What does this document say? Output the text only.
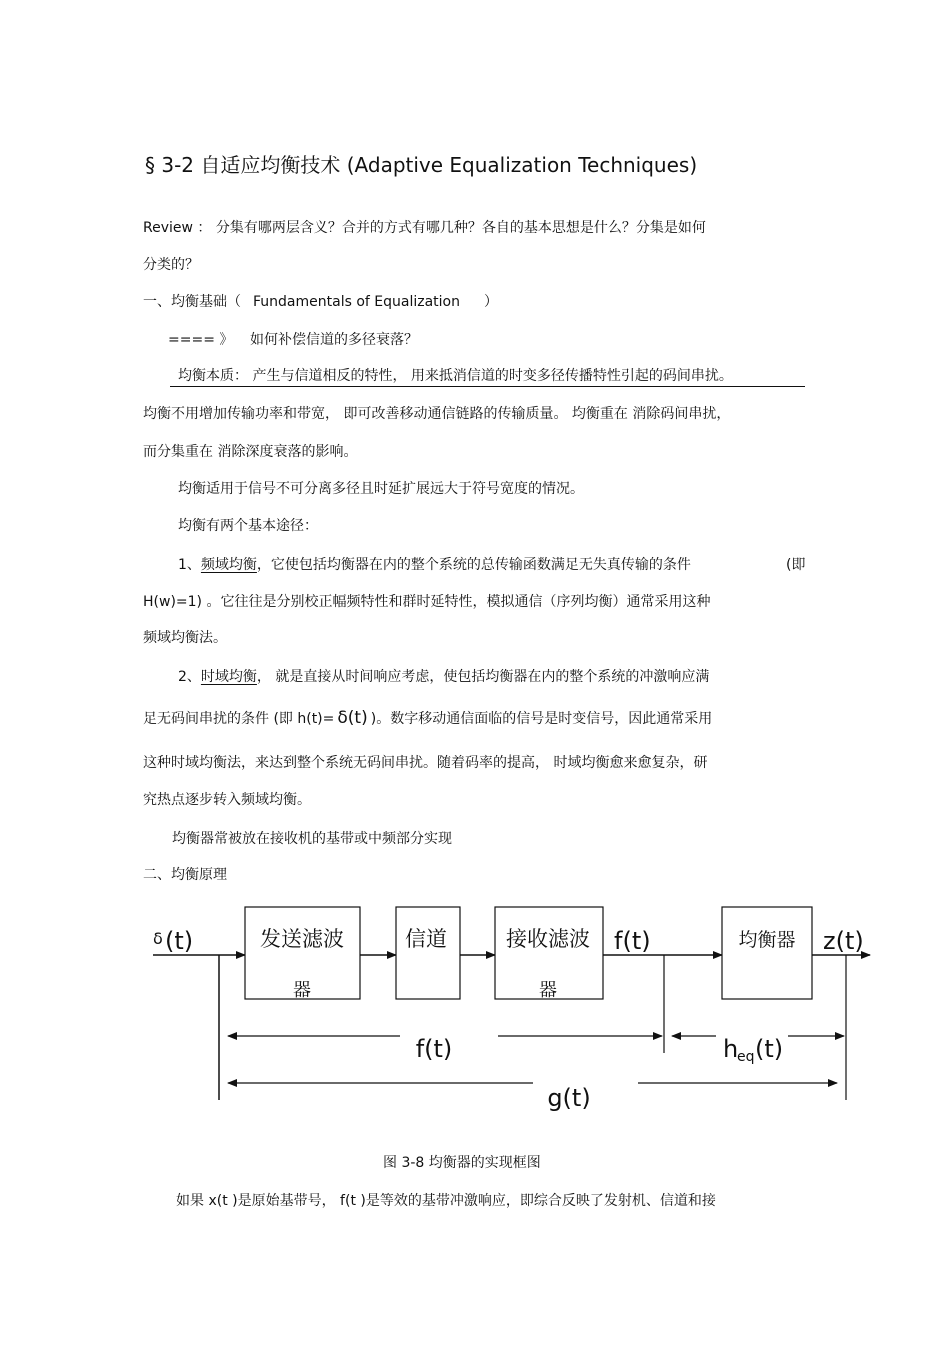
§ 3-2 自适应均衡技术 (Adaptive Equalization Techniques)
Review ： 分集有哪两层含义？合并的方式有哪几种？各自的基本思想是什么？分集是如何
分类的？
一、均衡基础（ Fundamentals of Equalization ）
==== 》 如何补偿信道的多径衰落？
均衡本质： 产生与信道相反的特性， 用来抵消信道的时变多径传播特性引起的码间串扰。
均衡不用增加传输功率和带宽， 即可改善移动通信链路的传输质量。 均衡重在 消除码间串扰，
而分集重在 消除深度衰落的影响。
均衡适用于信号不可分离多径且时延扩展远大于符号宽度的情况。
均衡有两个基本途径：
1、频域均衡，它使包括均衡器在内的整个系统的总传输函数满足无失真传输的条件	(即
H(w)=1) 。它往往是分别校正幅频特性和群时延特性，模拟通信（序列均衡）通常采用这种
频域均衡法。
2、时域均衡， 就是直接从时间响应考虑，使包括均衡器在内的整个系统的冲激响应满
足无码间串扰的条件 (即 h(t)= δ(t) )。数字移动通信面临的信号是时变信号，因此通常采用
这种时域均衡法，来达到整个系统无码间串扰。随着码率的提高， 时域均衡愈来愈复杂，研
究热点逐步转入频域均衡。
均衡器常被放在接收机的基带或中频部分实现
二、均衡原理
δ (t)	发送滤波
器
信道	接收滤波
器
f(t)	均衡器 z(t)
f(t)	h
eq (t)
g(t)
图 3-8 均衡器的实现框图
如果 x(t )是原始基带号， f(t )是等效的基带冲激响应，即综合反映了发射机、信道和接
